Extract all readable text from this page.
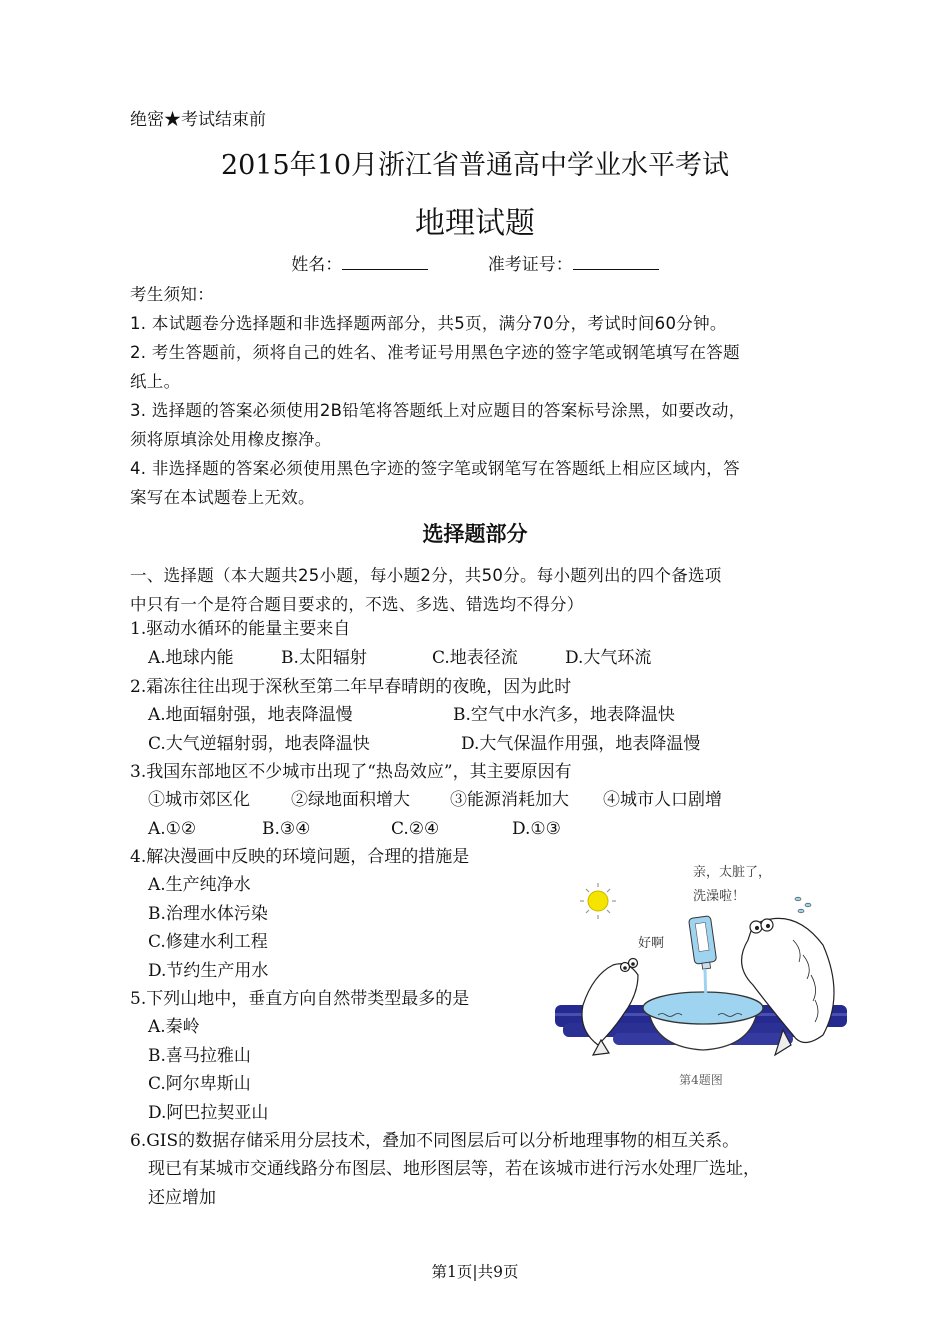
绝密★考试结束前
2015年10月浙江省普通高中学业水平考试
地理试题
姓名：	准考证号：
考生须知：
1. 本试题卷分选择题和非选择题两部分，共5页，满分70分，考试时间60分钟。
2. 考生答题前，须将自己的姓名、准考证号用黑色字迹的签字笔或钢笔填写在答题
纸上。
3. 选择题的答案必须使用2B铅笔将答题纸上对应题目的答案标号涂黑，如要改动，
须将原填涂处用橡皮擦净。
4. 非选择题的答案必须使用黑色字迹的签字笔或钢笔写在答题纸上相应区域内，答
案写在本试题卷上无效。
选择题部分
一、选择题（本大题共25小题，每小题2分，共50分。每小题列出的四个备选项
中只有一个是符合题目要求的，不选、多选、错选均不得分）
1.驱动水循环的能量主要来自
A.地球内能	B.太阳辐射	C.地表径流	D.大气环流
2.霜冻往往出现于深秋至第二年早春晴朗的夜晚，因为此时
A.地面辐射强，地表降温慢	B.空气中水汽多，地表降温快
C.大气逆辐射弱，地表降温快	D.大气保温作用强，地表降温慢
3.我国东部地区不少城市出现了“热岛效应”，其主要原因有
①城市郊区化 ②绿地面积增大 ③能源消耗加大 ④城市人口剧增
A.①②	B.③④	C.②④	D.①③
4.解决漫画中反映的环境问题，合理的措施是
A.生产纯净水
B.治理水体污染
C.修建水利工程
D.节约生产用水
5.下列山地中，垂直方向自然带类型最多的是
A.秦岭
B.喜马拉雅山
C.阿尔卑斯山
D.阿巴拉契亚山
6.GIS的数据存储采用分层技术，叠加不同图层后可以分析地理事物的相互关系。
现已有某城市交通线路分布图层、地形图层等，若在该城市进行污水处理厂选址，
还应增加
亲，太脏了，
洗澡啦！
好啊
第4题图
第1页|共9页
